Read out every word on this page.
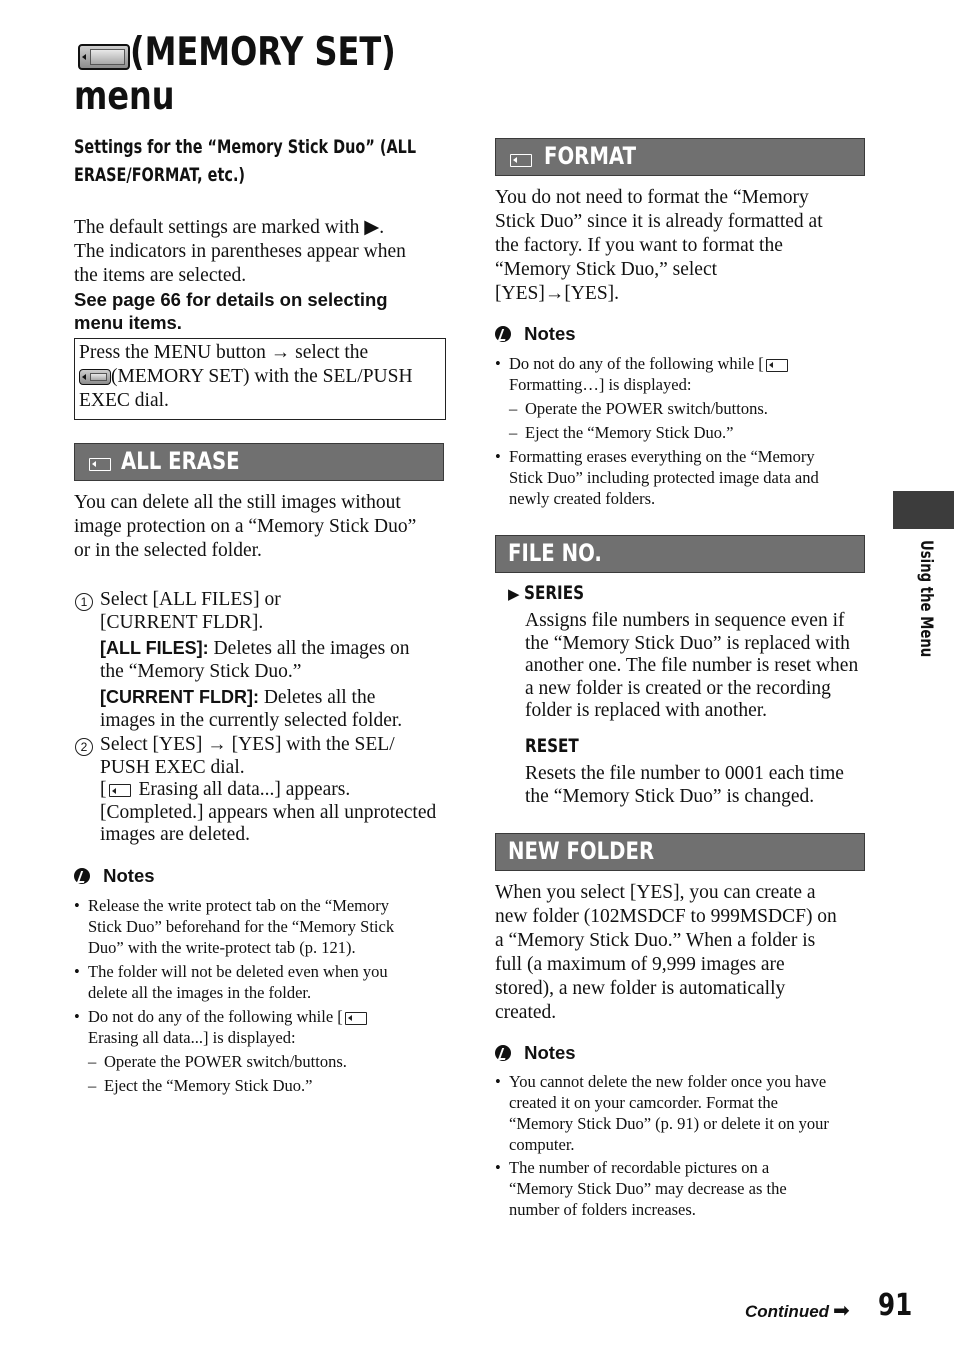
(MEMORY SET)
menu
Settings for the “Memory Stick Duo” (ALL
ERASE/FORMAT, etc.)
The default settings are marked with ▶.
The indicators in parentheses appear when
the items are selected.
See page 66 for details on selecting
menu items.
Press the MENU button → select the
(MEMORY SET) with the SEL/PUSH
EXEC dial.
ALL ERASE
You can delete all the still images without
image protection on a “Memory Stick Duo”
or in the selected folder.
1 Select [ALL FILES] or
[CURRENT FLDR].
[ALL FILES]: Deletes all the images on
the “Memory Stick Duo.”
[CURRENT FLDR]: Deletes all the
images in the currently selected folder.
2 Select [YES] → [YES] with the SEL/
PUSH EXEC dial.
[ Erasing all data...] appears.
[Completed.] appears when all unprotected
images are deleted.
Notes
• Release the write protect tab on the “Memory
Stick Duo” beforehand for the “Memory Stick
Duo” with the write-protect tab (p. 121).
• The folder will not be deleted even when you
delete all the images in the folder.
• Do not do any of the following while [
Erasing all data...] is displayed:
– Operate the POWER switch/buttons.
– Eject the “Memory Stick Duo.”
FORMAT
You do not need to format the “Memory
Stick Duo” since it is already formatted at
the factory. If you want to format the
“Memory Stick Duo,” select
[YES]→[YES].
Notes
• Do not do any of the following while [
Formatting…] is displayed:
– Operate the POWER switch/buttons.
– Eject the “Memory Stick Duo.”
• Formatting erases everything on the “Memory
Stick Duo” including protected image data and
newly created folders.
FILE NO.
▶ SERIES
Assigns file numbers in sequence even if
the “Memory Stick Duo” is replaced with
another one. The file number is reset when
a new folder is created or the recording
folder is replaced with another.
RESET
Resets the file number to 0001 each time
the “Memory Stick Duo” is changed.
NEW FOLDER
When you select [YES], you can create a
new folder (102MSDCF to 999MSDCF) on
a “Memory Stick Duo.” When a folder is
full (a maximum of 9,999 images are
stored), a new folder is automatically
created.
Notes
• You cannot delete the new folder once you have
created it on your camcorder. Format the
“Memory Stick Duo” (p. 91) or delete it on your
computer.
• The number of recordable pictures on a
“Memory Stick Duo” may decrease as the
number of folders increases.
Using the Menu
Continued ➡ 91
